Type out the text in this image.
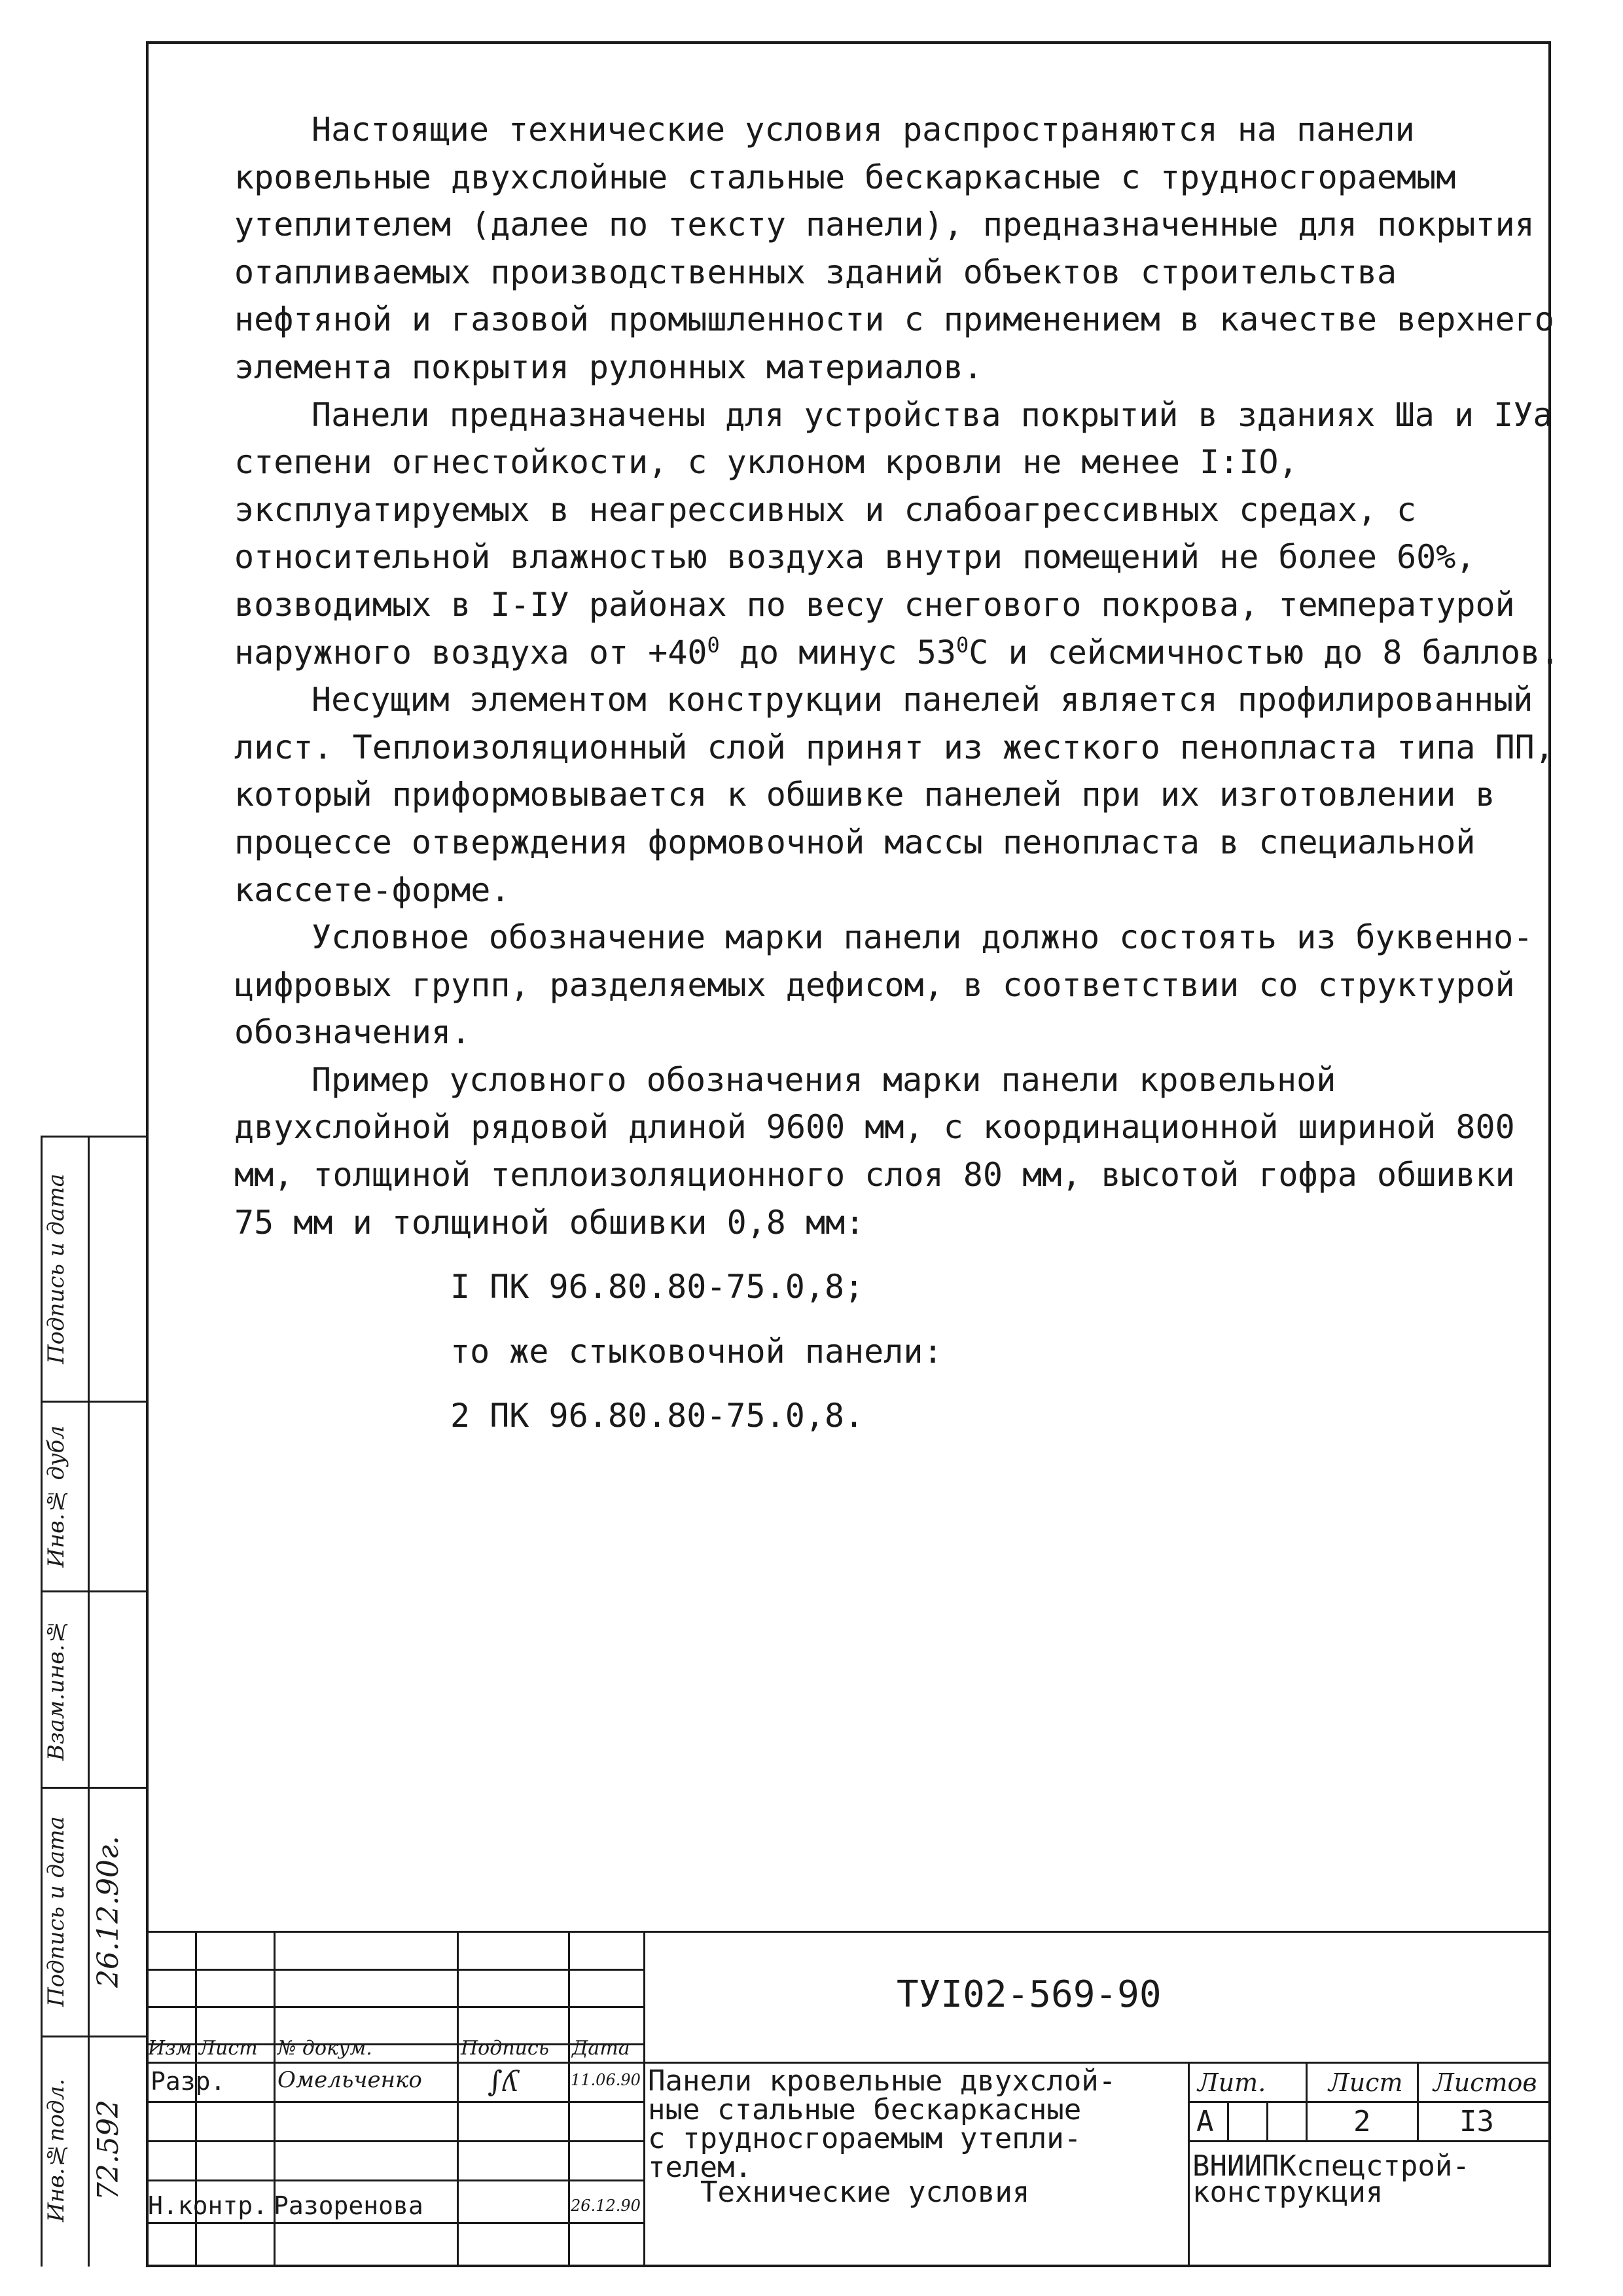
Настоящие технические условия распространяются на панели кровельные двухслойные стальные бескаркасные с трудносгораемым утеплителем (далее по тексту панели), предназначенные для покрытия отапливаемых производственных зданий объектов строительства нефтяной и газовой промышленности с применением в качестве верхнего элемента покрытия рулонных материалов.

Панели предназначены для устройства покрытий в зданиях Ша и IУа степени огнестойкости, с уклоном кровли не менее I:IO, эксплуатируемых в неагрессивных и слабоагрессивных средах, с относительной влажностью воздуха внутри помещений не более 60%, возводимых в I-IУ районах по весу снегового покрова, температурой наружного воздуха от $+40^0$ до минус $53^0С$ и сейсмичностью до 8 баллов.

Несущим элементом конструкции панелей является профилированный лист. Теплоизоляционный слой принят из жесткого пенопласта типа ПП, который приформовывается к обшивке панелей при их изготовлении в процессе отверждения формовочной массы пенопласта в специальной кассете-форме.

Условное обозначение марки панели должно состоять из буквенно-цифровых групп, разделяемых дефисом, в соответствии со структурой обозначения.

Пример условного обозначения марки панели кровельной двухслойной рядовой длиной 9600 мм, с координационной шириной 800 мм, толщиной теплоизоляционного слоя 80 мм, высотой гофра обшивки 75 мм и толщиной обшивки 0,8 мм:

I ПК 96.80.80-75.0,8;

то же стыковочной панели:

2 ПК 96.80.80-75.0,8.

Инв.№подл.
Подпись и дата
Взам.инв.№
Инв.№ дубл
Подпись и дата
72.592
26.12.90г.
ТУI02-569-90
Изм Лист № докум.	Подпись Дата
Разр. Омельченко ∫ʎ	11.06.90
Н.контр. Разоренова	26.12.90
Панели кровельные двухслой-
ные стальные бескаркасные
с трудносгораемым утепли-
телем.
Технические условия
Лит.	Лист Листов
А	2	I3
ВНИИПКспецстрой-конструкция
